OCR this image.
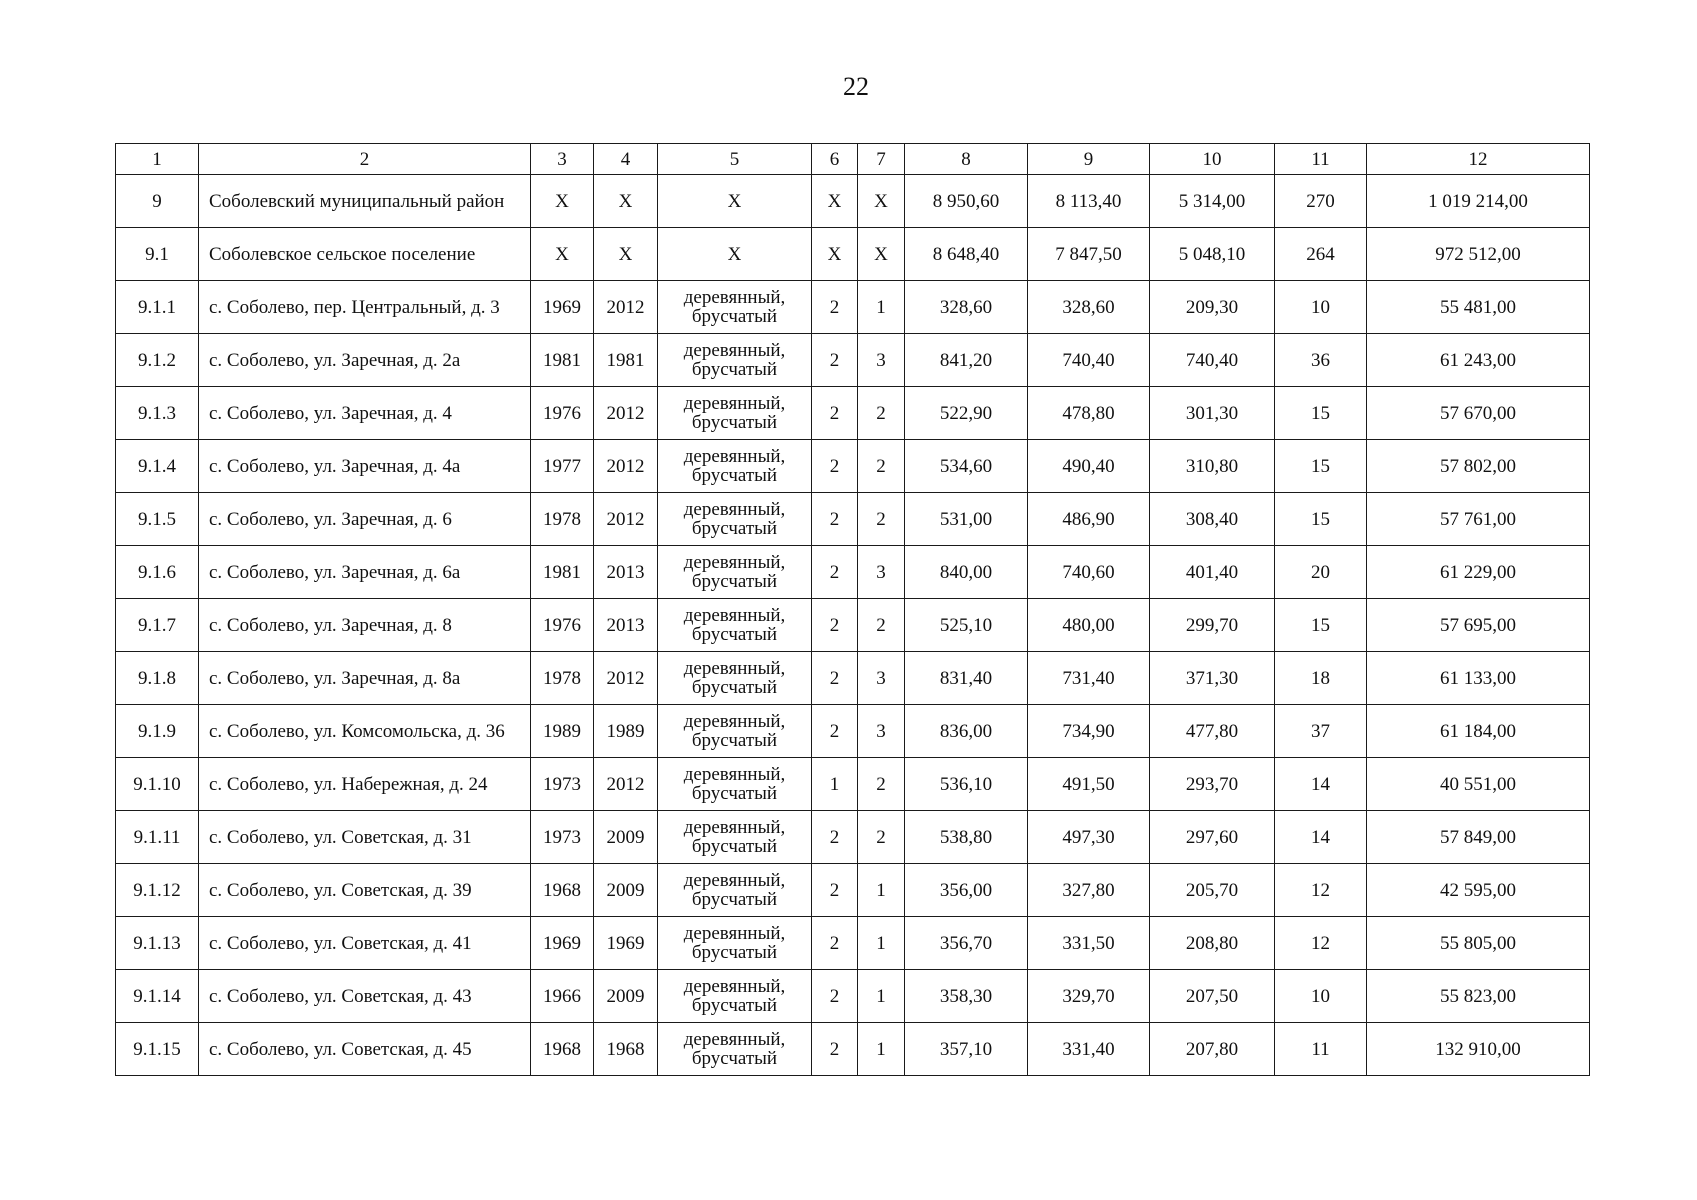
22
1	2	3	4	5	6	7	8	9	10	11	12
9	Соболевский муниципальный район	Х	Х	Х	Х	Х	8 950,60	8 113,40	5 314,00	270	1 019 214,00
9.1	Соболевское сельское поселение	Х	Х	Х	Х	Х	8 648,40	7 847,50	5 048,10	264	972 512,00
9.1.1	с. Соболево, пер. Центральный, д. 3	1969	2012	деревянный, брусчатый	2	1	328,60	328,60	209,30	10	55 481,00
9.1.2	с. Соболево, ул. Заречная, д. 2а	1981	1981	деревянный, брусчатый	2	3	841,20	740,40	740,40	36	61 243,00
9.1.3	с. Соболево, ул. Заречная, д. 4	1976	2012	деревянный, брусчатый	2	2	522,90	478,80	301,30	15	57 670,00
9.1.4	с. Соболево, ул. Заречная, д. 4а	1977	2012	деревянный, брусчатый	2	2	534,60	490,40	310,80	15	57 802,00
9.1.5	с. Соболево, ул. Заречная, д. 6	1978	2012	деревянный, брусчатый	2	2	531,00	486,90	308,40	15	57 761,00
9.1.6	с. Соболево, ул. Заречная, д. 6а	1981	2013	деревянный, брусчатый	2	3	840,00	740,60	401,40	20	61 229,00
9.1.7	с. Соболево, ул. Заречная, д. 8	1976	2013	деревянный, брусчатый	2	2	525,10	480,00	299,70	15	57 695,00
9.1.8	с. Соболево, ул. Заречная, д. 8а	1978	2012	деревянный, брусчатый	2	3	831,40	731,40	371,30	18	61 133,00
9.1.9	с. Соболево, ул. Комсомольска, д. 36	1989	1989	деревянный, брусчатый	2	3	836,00	734,90	477,80	37	61 184,00
9.1.10	с. Соболево, ул. Набережная, д. 24	1973	2012	деревянный, брусчатый	1	2	536,10	491,50	293,70	14	40 551,00
9.1.11	с. Соболево, ул. Советская, д. 31	1973	2009	деревянный, брусчатый	2	2	538,80	497,30	297,60	14	57 849,00
9.1.12	с. Соболево, ул. Советская, д. 39	1968	2009	деревянный, брусчатый	2	1	356,00	327,80	205,70	12	42 595,00
9.1.13	с. Соболево, ул. Советская, д. 41	1969	1969	деревянный, брусчатый	2	1	356,70	331,50	208,80	12	55 805,00
9.1.14	с. Соболево, ул. Советская, д. 43	1966	2009	деревянный, брусчатый	2	1	358,30	329,70	207,50	10	55 823,00
9.1.15	с. Соболево, ул. Советская, д. 45	1968	1968	деревянный, брусчатый	2	1	357,10	331,40	207,80	11	132 910,00
